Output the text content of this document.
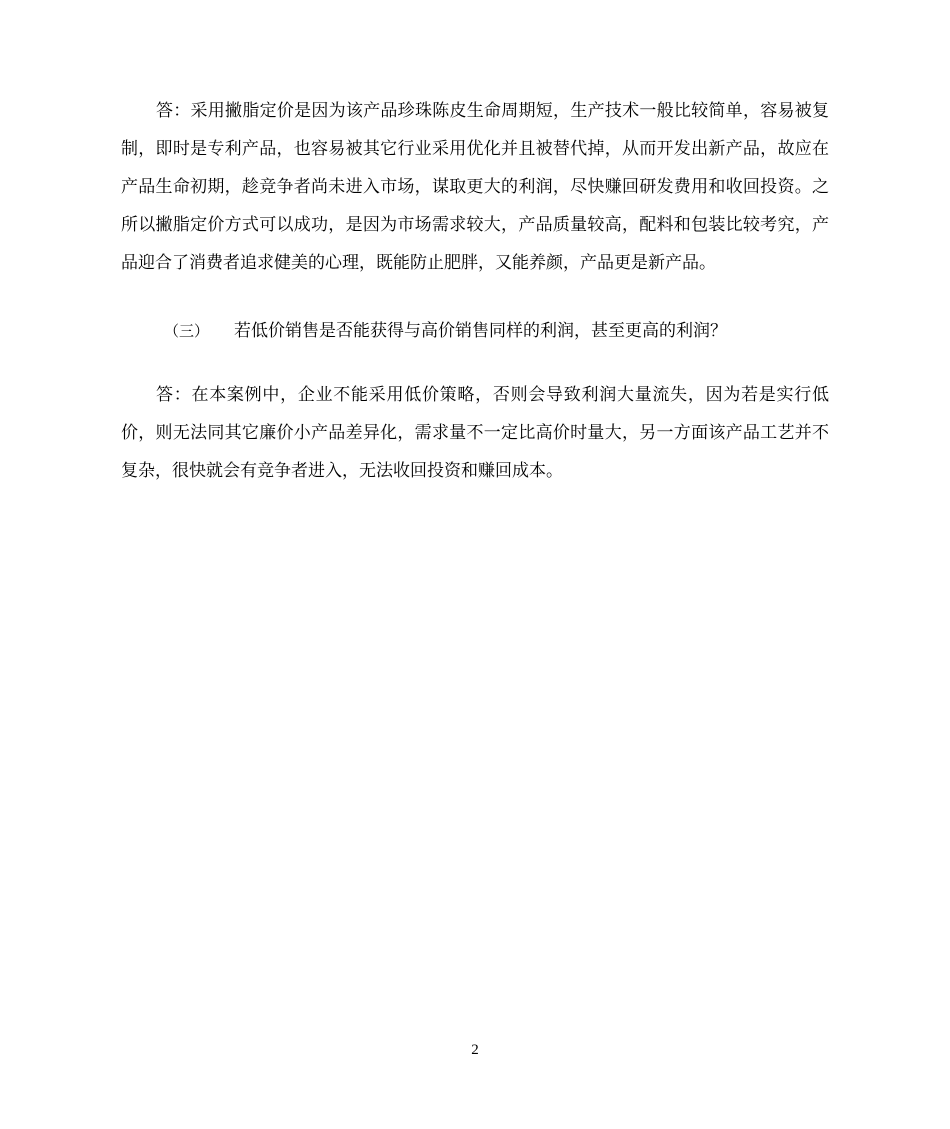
答：采用撇脂定价是因为该产品珍珠陈皮生命周期短，生产技术一般比较简单，容易被复制，即时是专利产品，也容易被其它行业采用优化并且被替代掉，从而开发出新产品，故应在产品生命初期，趁竞争者尚未进入市场，谋取更大的利润，尽快赚回研发费用和收回投资。之所以撇脂定价方式可以成功，是因为市场需求较大，产品质量较高，配料和包装比较考究，产品迎合了消费者追求健美的心理，既能防止肥胖，又能养颜，产品更是新产品。

（三） 若低价销售是否能获得与高价销售同样的利润，甚至更高的利润？

答：在本案例中，企业不能采用低价策略，否则会导致利润大量流失，因为若是实行低价，则无法同其它廉价小产品差异化，需求量不一定比高价时量大，另一方面该产品工艺并不复杂，很快就会有竞争者进入，无法收回投资和赚回成本。

2
